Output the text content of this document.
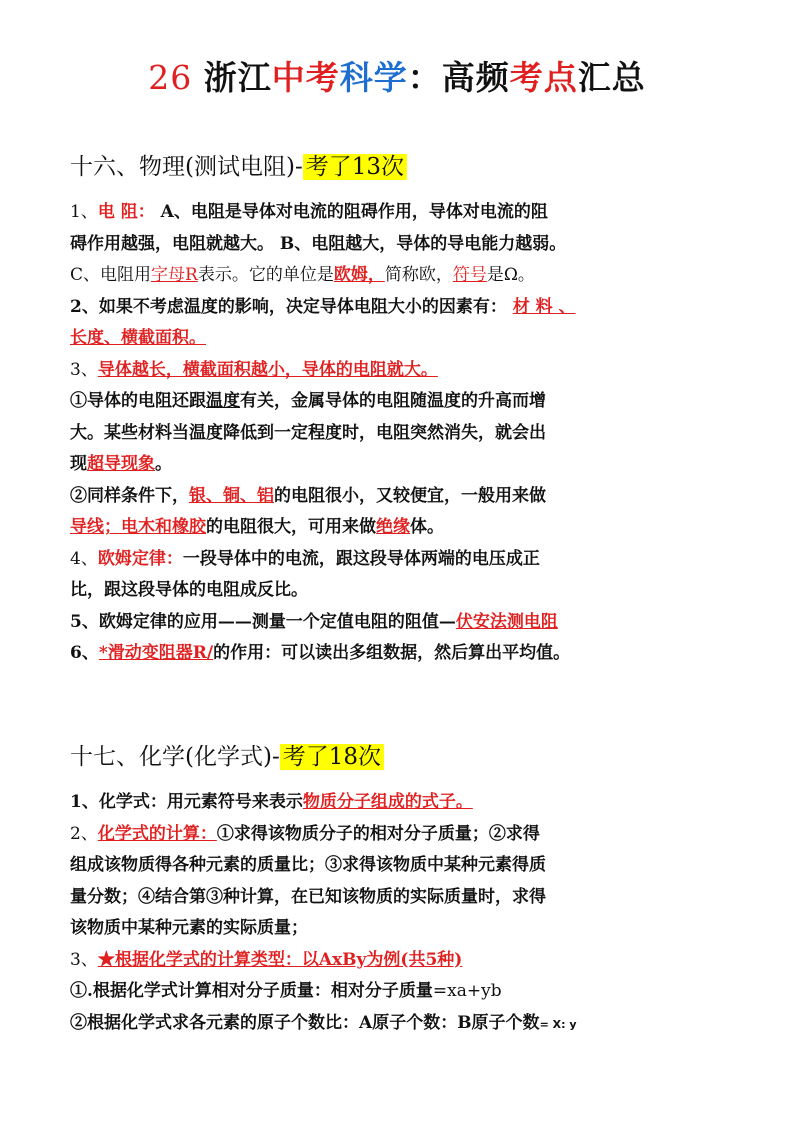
26 浙江中考科学：高频考点汇总
十六、物理(测试电阻)- 考了13次

1、电 阻： A、电阻是导体对电流的阻碍作用，导体对电流的阻

碍作用越强，电阻就越大。 B、电阻越大，导体的导电能力越弱。

C、电阻用字母R表示。它的单位是欧姆，简称欧，符号是Ω。

2、如果不考虑温度的影响，决定导体电阻大小的因素有： 材 料 、

长度、横截面积。

3、导体越长，横截面积越小，导体的电阻就大。

①导体的电阻还跟温度有关，金属导体的电阻随温度的升高而增

大。某些材料当温度降低到一定程度时，电阻突然消失，就会出

现超导现象。

②同样条件下，银、铜、铝的电阻很小，又较便宜，一般用来做

导线；电木和橡胶的电阻很大，可用来做绝缘体。

4、欧姆定律：一段导体中的电流，跟这段导体两端的电压成正

比，跟这段导体的电阻成反比。

5、欧姆定律的应用——测量一个定值电阻的阻值—伏安法测电阻

6、*滑动变阻器R/的作用：可以读出多组数据，然后算出平均值。

十七、化学(化学式)- 考了18次

1、化学式：用元素符号来表示物质分子组成的式子。

2、化学式的计算：①求得该物质分子的相对分子质量；②求得

组成该物质得各种元素的质量比；③求得该物质中某种元素得质

量分数；④结合第③种计算，在已知该物质的实际质量时，求得

该物质中某种元素的实际质量；

3、★根据化学式的计算类型：以AxBy为例(共5种)

①.根据化学式计算相对分子质量：相对分子质量=xa+yb

②根据化学式求各元素的原子个数比：A原子个数：B原子个数= X: y
